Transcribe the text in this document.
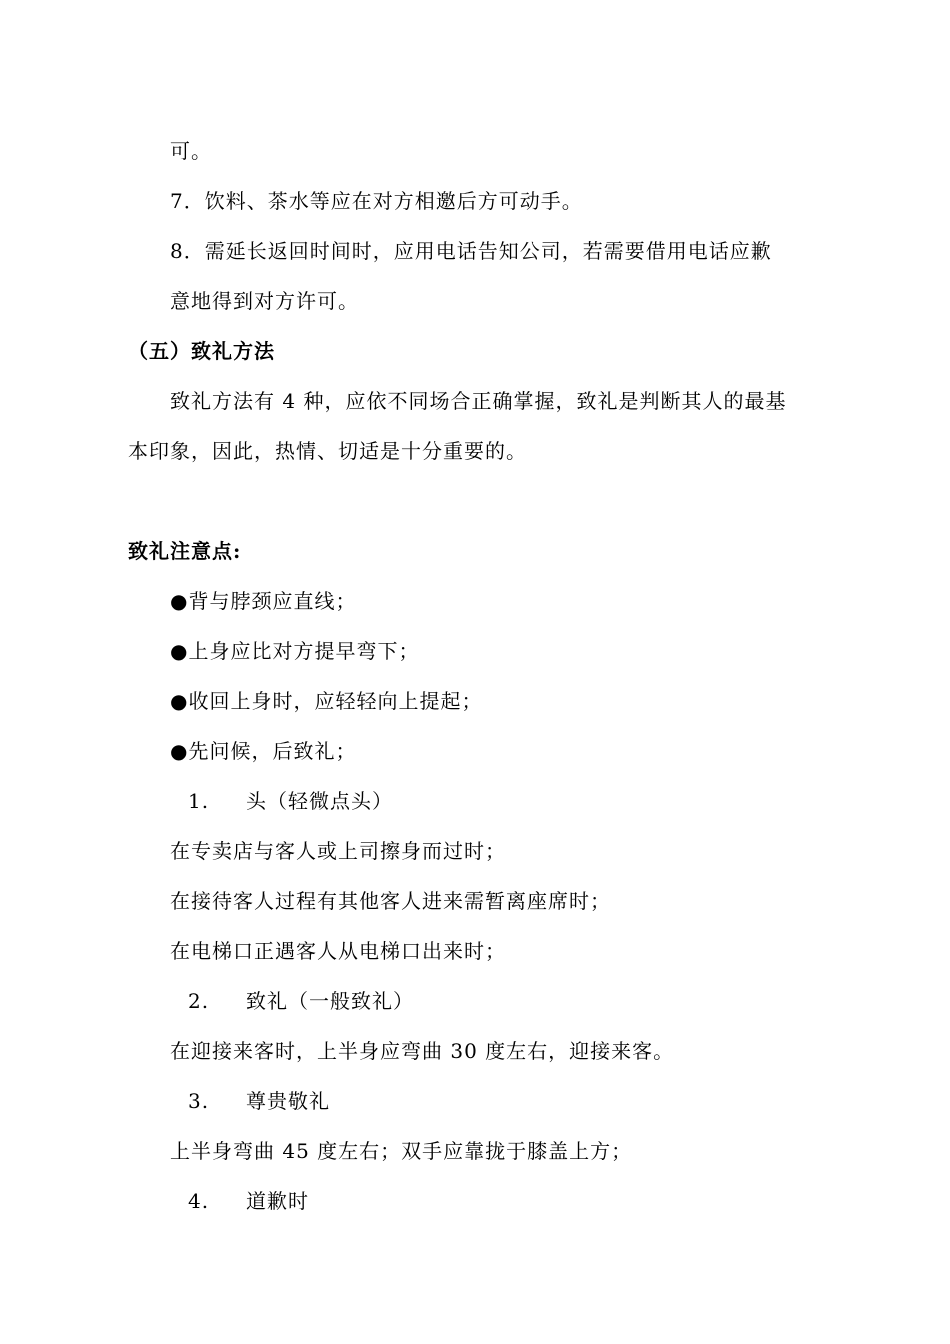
可。
7．饮料、茶水等应在对方相邀后方可动手。
8．需延长返回时间时，应用电话告知公司，若需要借用电话应歉
意地得到对方许可。
（五）致礼方法
致礼方法有 4 种，应依不同场合正确掌握，致礼是判断其人的最基
本印象，因此，热情、切适是十分重要的。
致礼注意点:
●背与脖颈应直线；
●上身应比对方提早弯下；
●收回上身时，应轻轻向上提起；
●先问候，后致礼；
1. 头（轻微点头）
在专卖店与客人或上司擦身而过时；
在接待客人过程有其他客人进来需暂离座席时；
在电梯口正遇客人从电梯口出来时；
2. 致礼（一般致礼）
在迎接来客时，上半身应弯曲 30 度左右，迎接来客。
3. 尊贵敬礼
上半身弯曲 45 度左右；双手应靠拢于膝盖上方；
4. 道歉时
